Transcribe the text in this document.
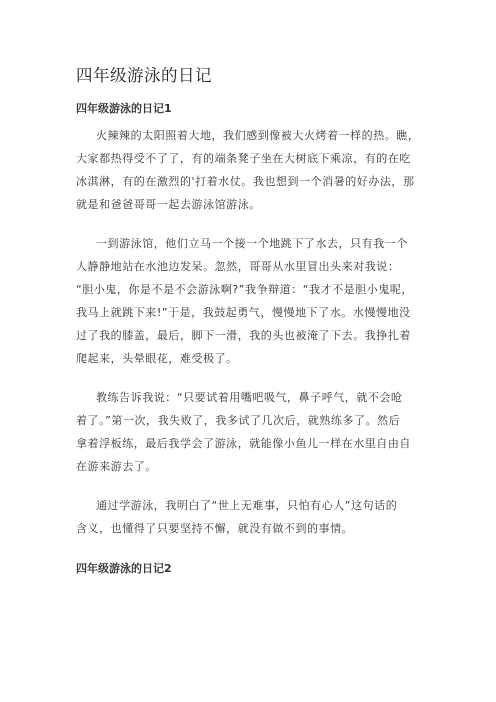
四年级游泳的日记
四年级游泳的日记1

火辣辣的太阳照着大地，我们感到像被大火烤着一样的热。瞧，

大家都热得受不了了，有的端条凳子坐在大树底下乘凉，有的在吃

冰淇淋，有的在激烈的'打着水仗。我也想到一个消暑的好办法，那

就是和爸爸哥哥一起去游泳馆游泳。

一到游泳馆，他们立马一个接一个地跳下了水去，只有我一个

人静静地站在水池边发呆。忽然，哥哥从水里冒出头来对我说：

“胆小鬼，你是不是不会游泳啊?”我争辩道：“我才不是胆小鬼呢，

我马上就跳下来!”于是，我鼓起勇气，慢慢地下了水。水慢慢地没

过了我的膝盖，最后，脚下一滑，我的头也被淹了下去。我挣扎着

爬起来，头晕眼花，难受极了。

教练告诉我说：“只要试着用嘴吧吸气，鼻子呼气，就不会呛

着了。”第一次，我失败了，我多试了几次后，就熟练多了。然后

拿着浮板练，最后我学会了游泳，就能像小鱼儿一样在水里自由自

在游来游去了。

通过学游泳，我明白了“世上无难事，只怕有心人”这句话的

含义，也懂得了只要坚持不懈，就没有做不到的事情。

四年级游泳的日记2
